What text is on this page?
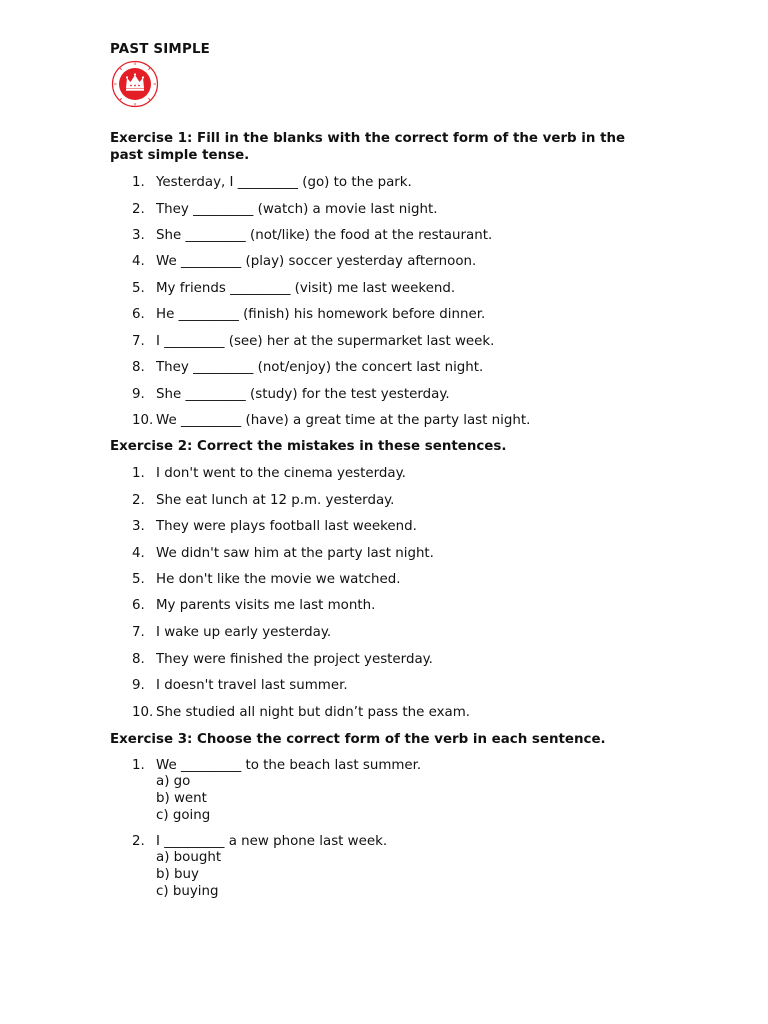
PAST SIMPLE
Exercise 1: Fill in the blanks with the correct form of the verb in the
past simple tense.
1. Yesterday, I _________ (go) to the park.
2. They _________ (watch) a movie last night.
3. She _________ (not/like) the food at the restaurant.
4. We _________ (play) soccer yesterday afternoon.
5. My friends _________ (visit) me last weekend.
6. He _________ (finish) his homework before dinner.
7. I _________ (see) her at the supermarket last week.
8. They _________ (not/enjoy) the concert last night.
9. She _________ (study) for the test yesterday.
10. We _________ (have) a great time at the party last night.
Exercise 2: Correct the mistakes in these sentences.
1. I don't went to the cinema yesterday.
2. She eat lunch at 12 p.m. yesterday.
3. They were plays football last weekend.
4. We didn't saw him at the party last night.
5. He don't like the movie we watched.
6. My parents visits me last month.
7. I wake up early yesterday.
8. They were finished the project yesterday.
9. I doesn't travel last summer.
10. She studied all night but didn’t pass the exam.
Exercise 3: Choose the correct form of the verb in each sentence.
1. We _________ to the beach last summer.
a) go
b) went
c) going
2. I _________ a new phone last week.
a) bought
b) buy
c) buying
